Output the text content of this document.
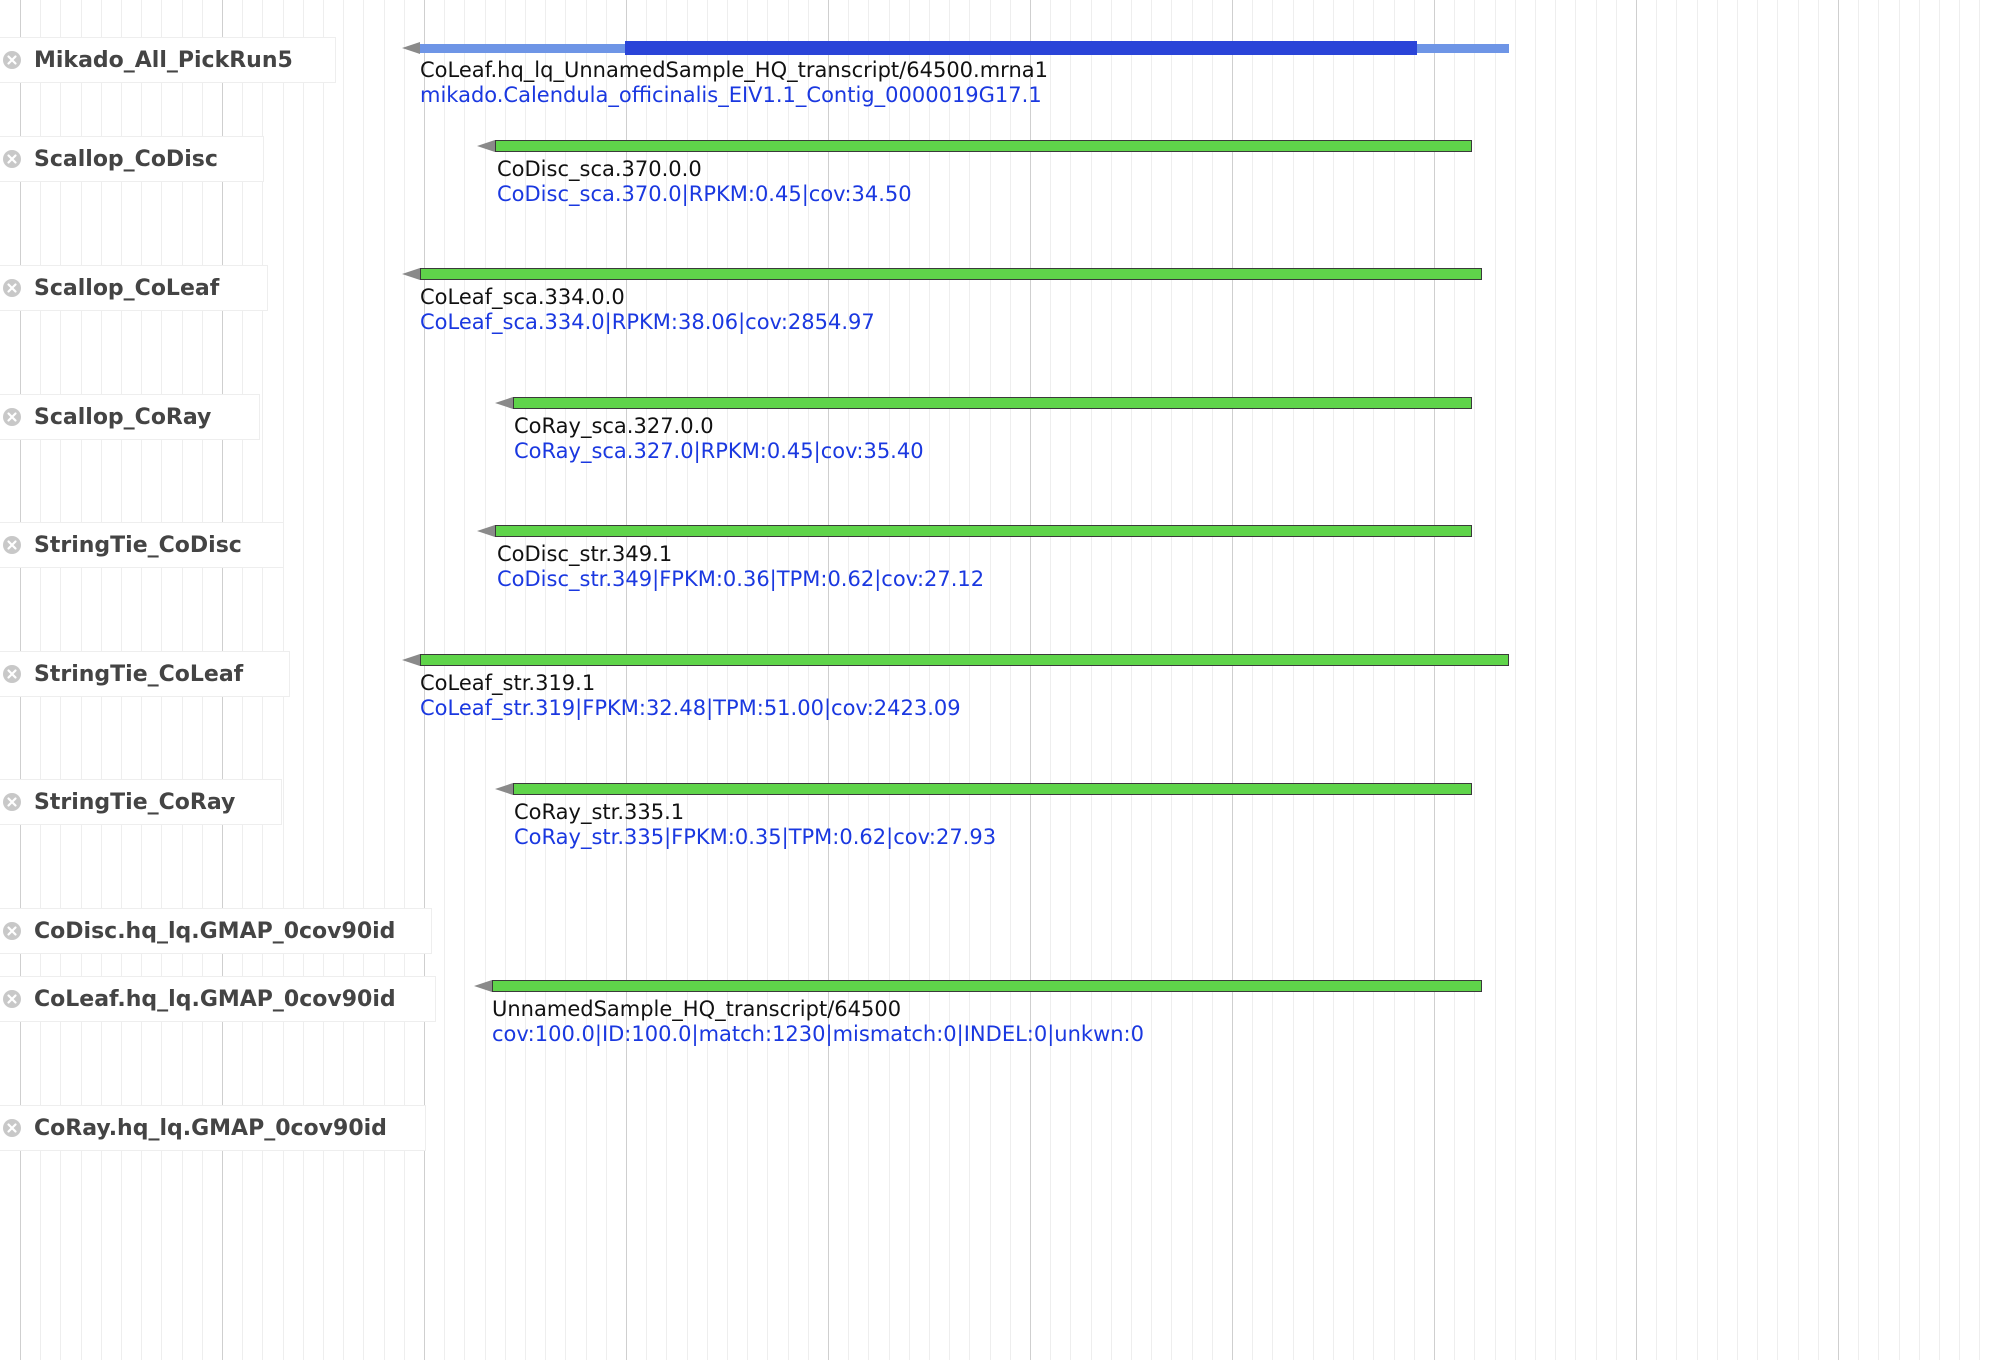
Mikado_All_PickRun5
Scallop_CoDisc
Scallop_CoLeaf
Scallop_CoRay
StringTie_CoDisc
StringTie_CoLeaf
StringTie_CoRay
CoDisc.hq_lq.GMAP_0cov90id
CoLeaf.hq_lq.GMAP_0cov90id
CoRay.hq_lq.GMAP_0cov90id
CoLeaf.hq_lq_UnnamedSample_HQ_transcript/64500.mrna1
mikado.Calendula_officinalis_EIV1.1_Contig_0000019G17.1
CoDisc_sca.370.0.0
CoDisc_sca.370.0|RPKM:0.45|cov:34.50
CoLeaf_sca.334.0.0
CoLeaf_sca.334.0|RPKM:38.06|cov:2854.97
CoRay_sca.327.0.0
CoRay_sca.327.0|RPKM:0.45|cov:35.40
CoDisc_str.349.1
CoDisc_str.349|FPKM:0.36|TPM:0.62|cov:27.12
CoLeaf_str.319.1
CoLeaf_str.319|FPKM:32.48|TPM:51.00|cov:2423.09
CoRay_str.335.1
CoRay_str.335|FPKM:0.35|TPM:0.62|cov:27.93
UnnamedSample_HQ_transcript/64500
cov:100.0|ID:100.0|match:1230|mismatch:0|INDEL:0|unkwn:0
